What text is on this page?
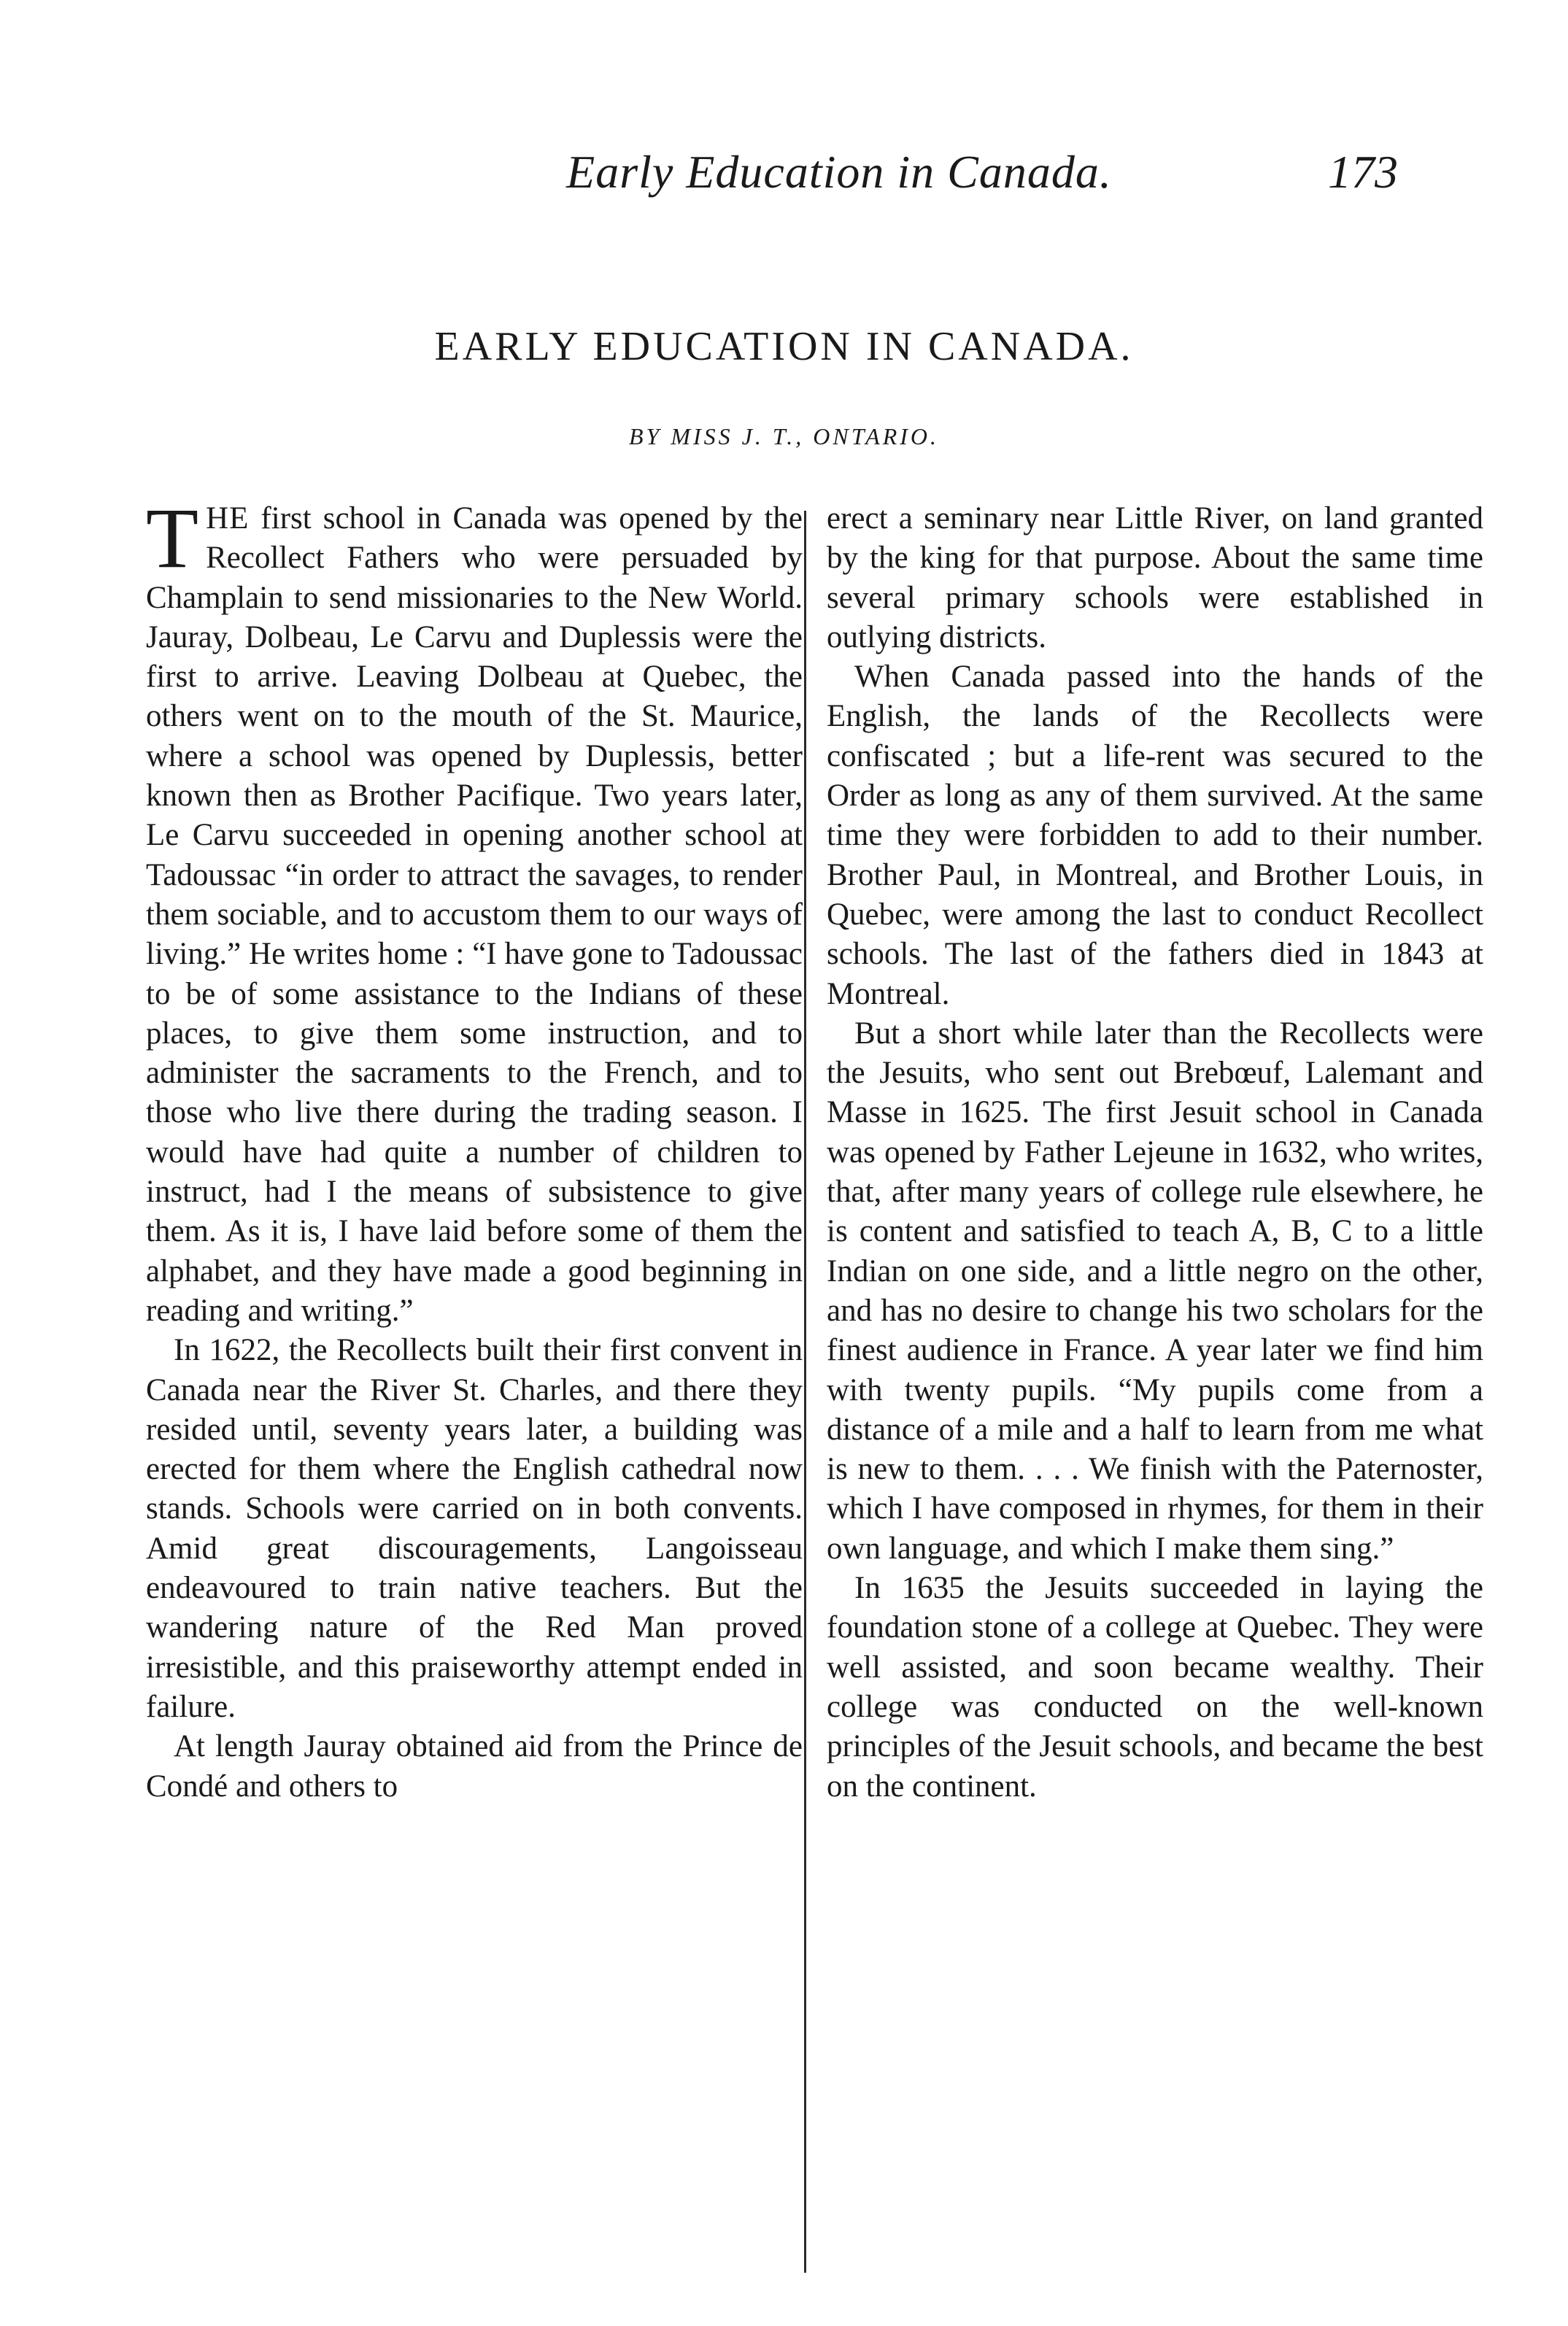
Early Education in Canada.	173
EARLY EDUCATION IN CANADA.
BY MISS J. T., ONTARIO.

THE first school in Canada was opened by the Recollect Fathers who were persuaded by Champlain to send missionaries to the New World. Jauray, Dolbeau, Le Carvu and Duplessis were the first to arrive. Leaving Dolbeau at Quebec, the others went on to the mouth of the St. Maurice, where a school was opened by Duplessis, better known then as Brother Pacifique. Two years later, Le Carvu succeeded in opening another school at Tadoussac “in order to attract the savages, to render them sociable, and to accustom them to our ways of living.” He writes home : “I have gone to Tadoussac to be of some assistance to the Indians of these places, to give them some instruction, and to administer the sacraments to the French, and to those who live there during the trading season. I would have had quite a number of children to instruct, had I the means of subsistence to give them. As it is, I have laid before some of them the alphabet, and they have made a good beginning in reading and writing.”

In 1622, the Recollects built their first convent in Canada near the River St. Charles, and there they resided until, seventy years later, a building was erected for them where the English cathedral now stands. Schools were carried on in both convents. Amid great discouragements, Langoisseau endeavoured to train native teachers. But the wandering nature of the Red Man proved irresistible, and this praiseworthy attempt ended in failure.

At length Jauray obtained aid from the Prince de Condé and others to

erect a seminary near Little River, on land granted by the king for that purpose. About the same time several primary schools were established in outlying districts.

When Canada passed into the hands of the English, the lands of the Recollects were confiscated ; but a life-rent was secured to the Order as long as any of them survived. At the same time they were forbidden to add to their number. Brother Paul, in Montreal, and Brother Louis, in Quebec, were among the last to conduct Recollect schools. The last of the fathers died in 1843 at Montreal.

But a short while later than the Recollects were the Jesuits, who sent out Brebœuf, Lalemant and Masse in 1625. The first Jesuit school in Canada was opened by Father Lejeune in 1632, who writes, that, after many years of college rule elsewhere, he is content and satisfied to teach A, B, C to a little Indian on one side, and a little negro on the other, and has no desire to change his two scholars for the finest audience in France. A year later we find him with twenty pupils. “My pupils come from a distance of a mile and a half to learn from me what is new to them. . . . We finish with the Paternoster, which I have composed in rhymes, for them in their own language, and which I make them sing.”

In 1635 the Jesuits succeeded in laying the foundation stone of a college at Quebec. They were well assisted, and soon became wealthy. Their college was conducted on the well-known principles of the Jesuit schools, and became the best on the continent.
